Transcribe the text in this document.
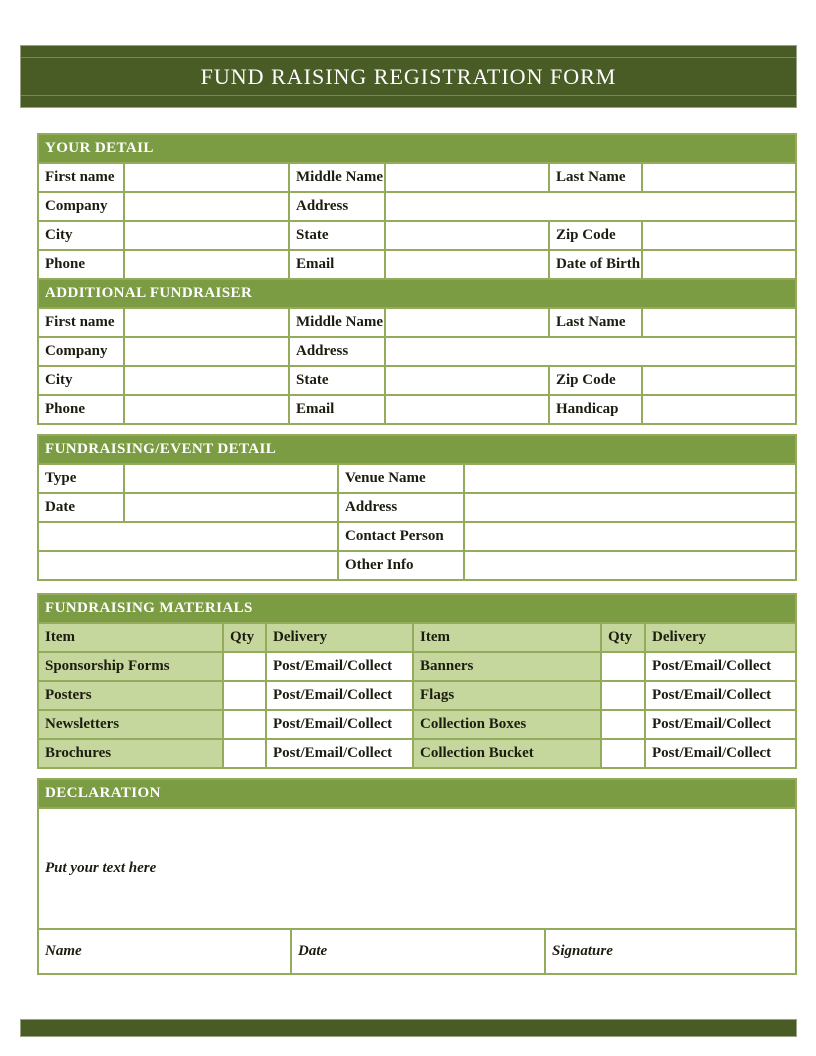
FUND RAISING REGISTRATION FORM
YOUR DETAIL					
First name		Middle Name		Last Name	
Company		Address			
City		State		Zip Code	
Phone		Email		Date of Birth	
ADDITIONAL FUNDRAISER					
First name		Middle Name		Last Name	
Company		Address			
City		State		Zip Code	
Phone		Email		Handicap	
FUNDRAISING/EVENT DETAIL			
Type		Venue Name	
Date		Address	
		Contact Person	
		Other Info	
FUNDRAISING MATERIALS					
Item	Qty	Delivery	Item	Qty	Delivery
Sponsorship Forms		Post/Email/Collect	Banners		Post/Email/Collect
Posters		Post/Email/Collect	Flags		Post/Email/Collect
Newsletters		Post/Email/Collect	Collection Boxes		Post/Email/Collect
Brochures		Post/Email/Collect	Collection Bucket		Post/Email/Collect
DECLARATION
Put your text here
Name	Date	Signature
